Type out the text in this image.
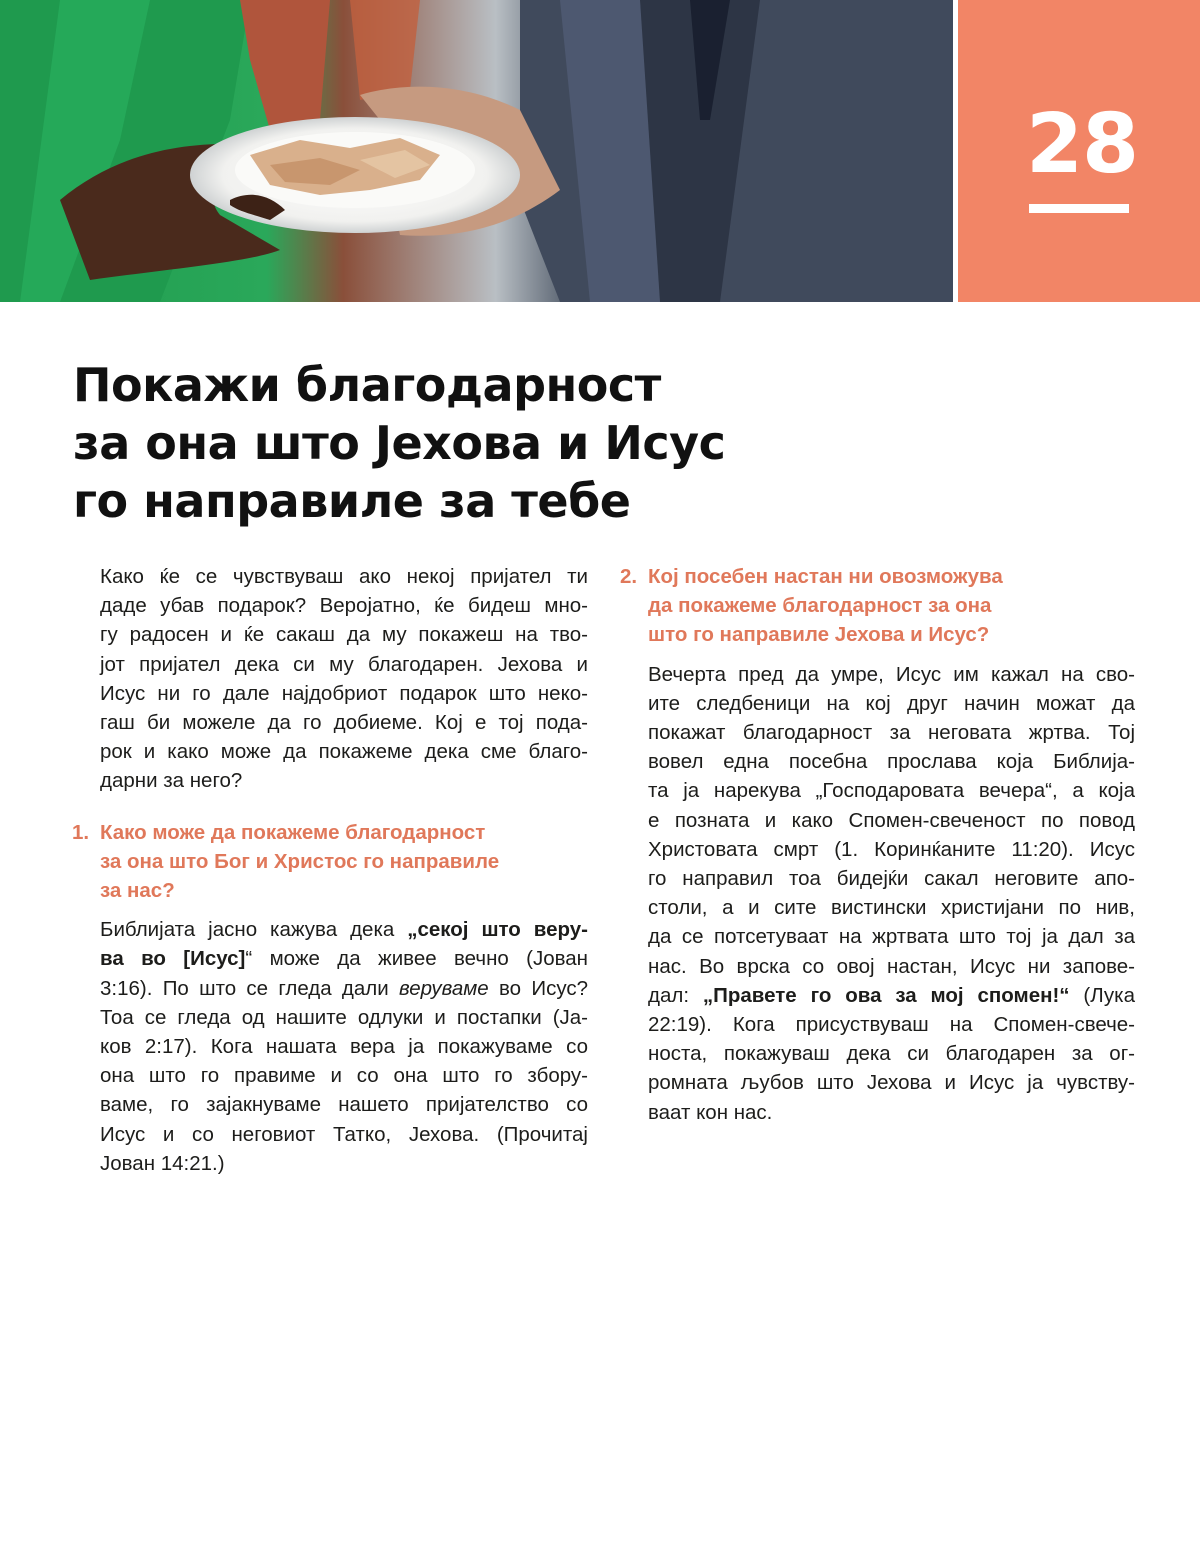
28
Покажи благодарност
за она што Јехова и Исус
го направиле за тебе
Како ќе се чувствуваш ако некој пријател ти
даде убав подарок? Веројатно, ќе бидеш мно-
гу радосен и ќе сакаш да му покажеш на тво-
јот пријател дека си му благодарен. Јехова и
Исус ни го дале најдобриот подарок што неко-
гаш би можеле да го добиеме. Кој е тој пода-
рок и како може да покажеме дека сме благо-
дарни за него?
1. Како може да покажеме благодарност
за она што Бог и Христос го направиле
за нас?
Библијата јасно кажува дека „секој што веру-
ва во [Исус]“ може да живее вечно (Јован
3:16). По што се гледа дали веруваме во Исус?
Тоа се гледа од нашите одлуки и постапки (Ја-
ков 2:17). Кога нашата вера ја покажуваме со
она што го правиме и со она што го збору-
ваме, го зајакнуваме нашето пријателство со
Исус и со неговиот Татко, Јехова. (Прочитај
Јован 14:21.)
2. Кој посебен настан ни овозможува
да покажеме благодарност за она
што го направиле Јехова и Исус?
Вечерта пред да умре, Исус им кажал на сво-
ите следбеници на кој друг начин можат да
покажат благодарност за неговата жртва. Тој
вовел една посебна прослава која Библија-
та ја нарекува „Господаровата вечера“, а која
е позната и како Спомен-свеченост по повод
Христовата смрт (1. Коринќаните 11:20). Исус
го направил тоа бидејќи сакал неговите апо-
столи, а и сите вистински христијани по нив,
да се потсетуваат на жртвата што тој ја дал за
нас. Во врска со овој настан, Исус ни запове-
дал: „Правете го ова за мој спомен!“ (Лука
22:19). Кога присуствуваш на Спомен-свече-
носта, покажуваш дека си благодарен за ог-
ромната љубов што Јехова и Исус ја чувству-
ваат кон нас.
